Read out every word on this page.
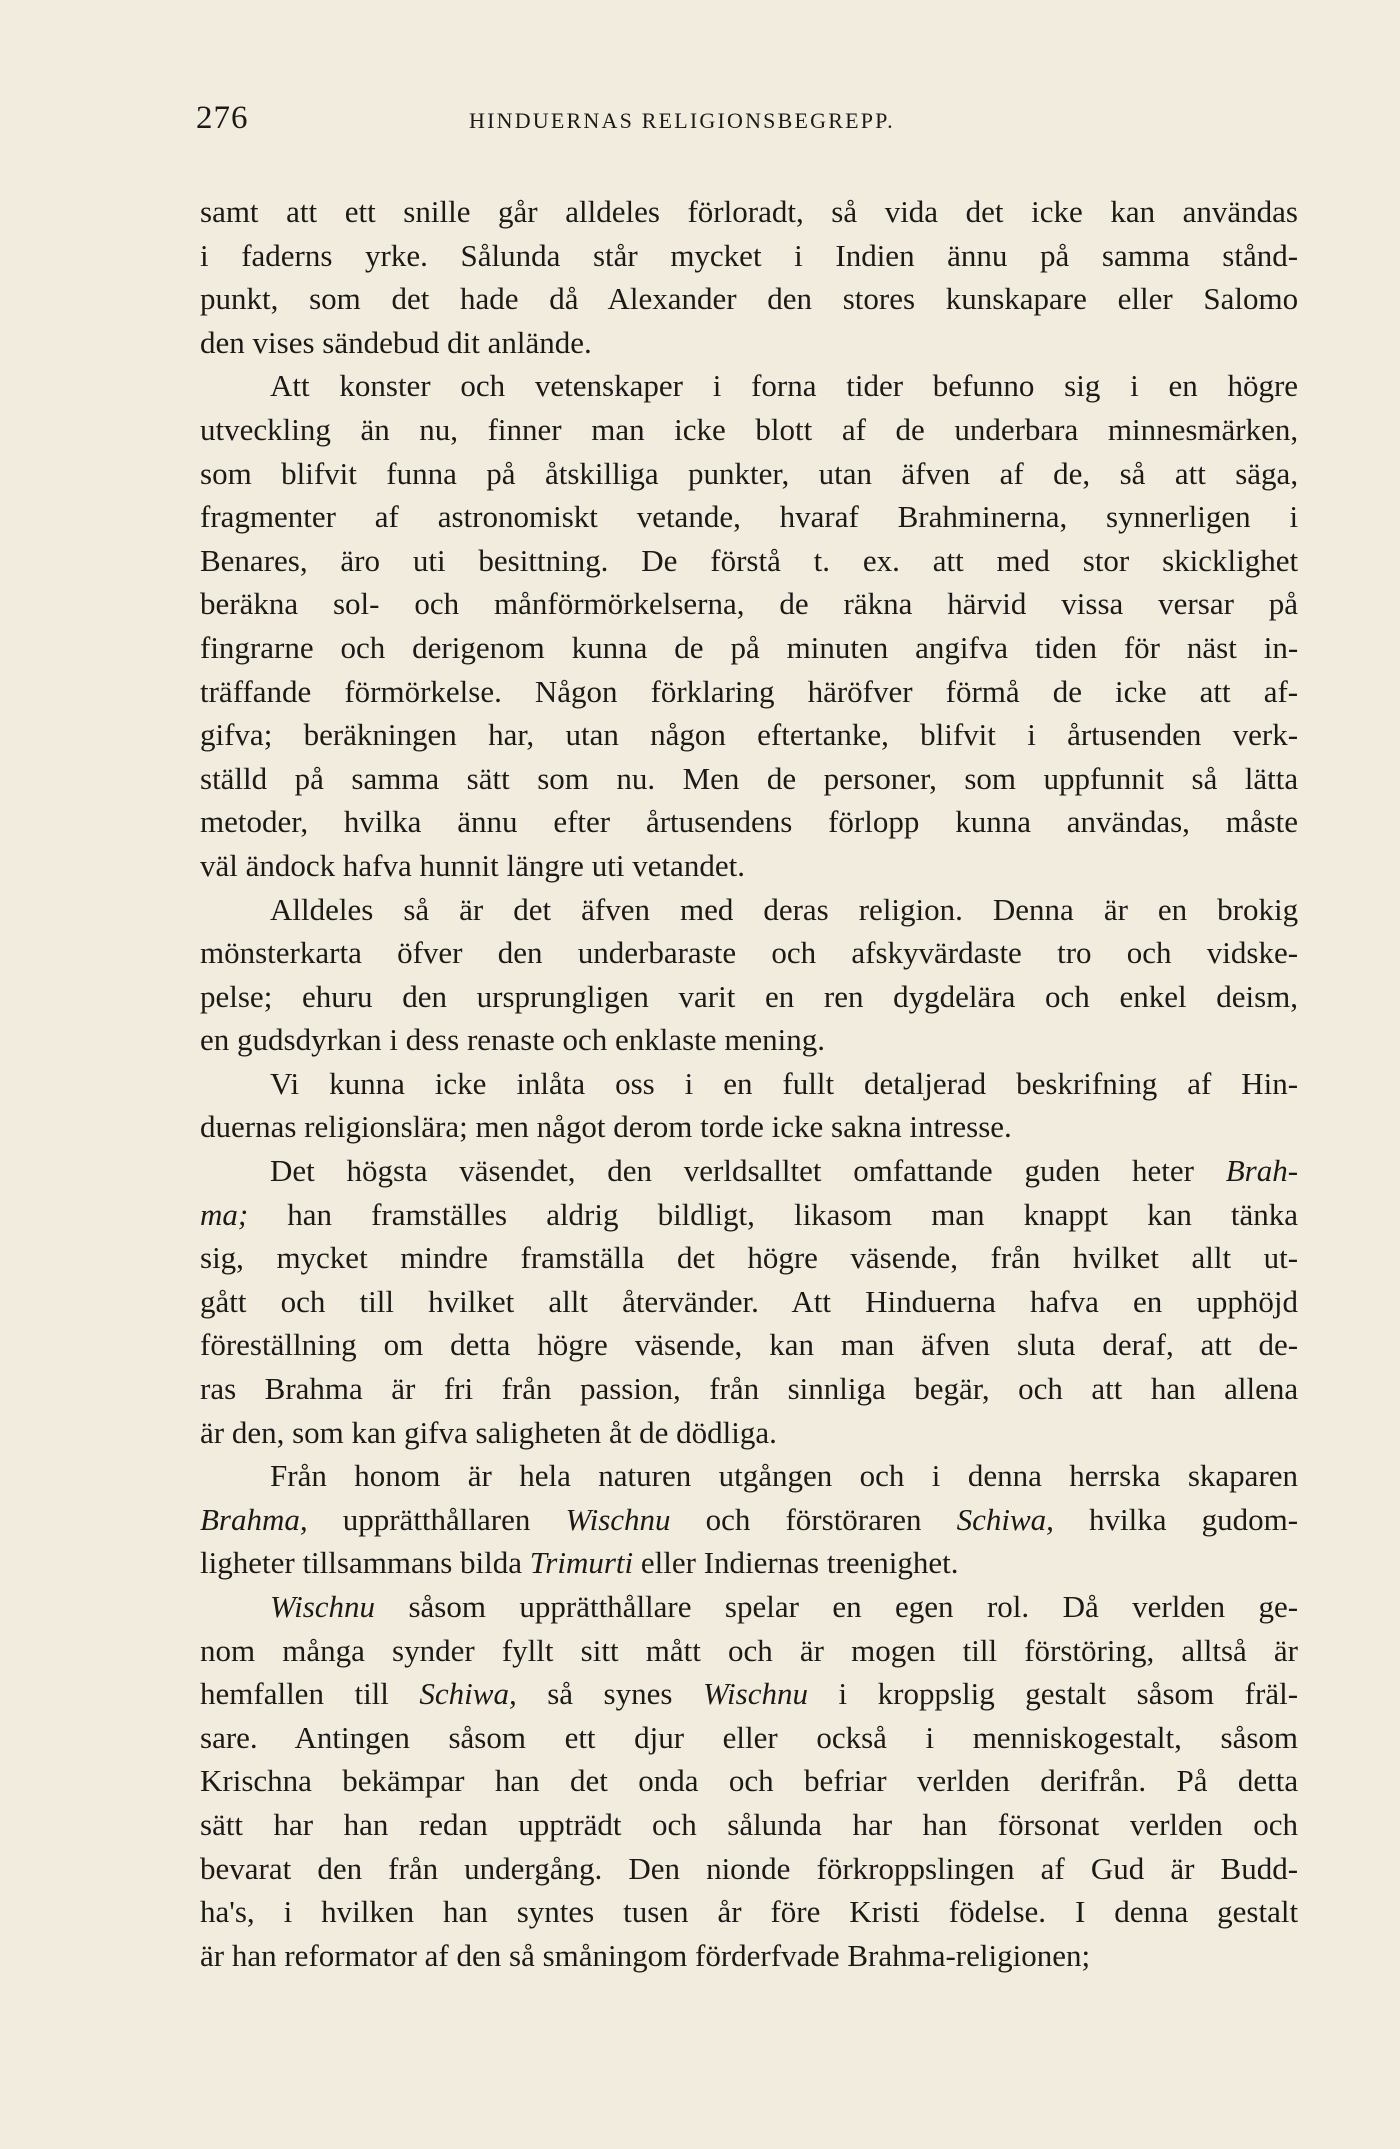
276	HINDUERNAS RELIGIONSBEGREPP.

samt att ett snille går alldeles förloradt, så vida det icke kan användas
i faderns yrke. Sålunda står mycket i Indien ännu på samma stånd-
punkt, som det hade då Alexander den stores kunskapare eller Salomo
den vises sändebud dit anlände.

Att konster och vetenskaper i forna tider befunno sig i en högre
utveckling än nu, finner man icke blott af de underbara minnesmärken,
som blifvit funna på åtskilliga punkter, utan äfven af de, så att säga,
fragmenter af astronomiskt vetande, hvaraf Brahminerna, synnerligen i
Benares, äro uti besittning. De förstå t. ex. att med stor skicklighet
beräkna sol- och månförmörkelserna, de räkna härvid vissa versar på
fingrarne och derigenom kunna de på minuten angifva tiden för näst in-
träffande förmörkelse. Någon förklaring häröfver förmå de icke att af-
gifva; beräkningen har, utan någon eftertanke, blifvit i årtusenden verk-
ställd på samma sätt som nu. Men de personer, som uppfunnit så lätta
metoder, hvilka ännu efter årtusendens förlopp kunna användas, måste
väl ändock hafva hunnit längre uti vetandet.

Alldeles så är det äfven med deras religion. Denna är en brokig
mönsterkarta öfver den underbaraste och afskyvärdaste tro och vidske-
pelse; ehuru den ursprungligen varit en ren dygdelära och enkel deism,
en gudsdyrkan i dess renaste och enklaste mening.

Vi kunna icke inlåta oss i en fullt detaljerad beskrifning af Hin-
duernas religionslära; men något derom torde icke sakna intresse.

Det högsta väsendet, den verldsalltet omfattande guden heter Brah-
ma; han framställes aldrig bildligt, likasom man knappt kan tänka
sig, mycket mindre framställa det högre väsende, från hvilket allt ut-
gått och till hvilket allt återvänder. Att Hinduerna hafva en upphöjd
föreställning om detta högre väsende, kan man äfven sluta deraf, att de-
ras Brahma är fri från passion, från sinnliga begär, och att han allena
är den, som kan gifva saligheten åt de dödliga.

Från honom är hela naturen utgången och i denna herrska skaparen
Brahma, upprätthållaren Wischnu och förstöraren Schiwa, hvilka gudom-
ligheter tillsammans bilda Trimurti eller Indiernas treenighet.

Wischnu såsom upprätthållare spelar en egen rol. Då verlden ge-
nom många synder fyllt sitt mått och är mogen till förstöring, alltså är
hemfallen till Schiwa, så synes Wischnu i kroppslig gestalt såsom fräl-
sare. Antingen såsom ett djur eller också i menniskogestalt, såsom
Krischna bekämpar han det onda och befriar verlden derifrån. På detta
sätt har han redan uppträdt och sålunda har han försonat verlden och
bevarat den från undergång. Den nionde förkroppslingen af Gud är Budd-
ha's, i hvilken han syntes tusen år före Kristi födelse. I denna gestalt
är han reformator af den så småningom förderfvade Brahma-religionen;
